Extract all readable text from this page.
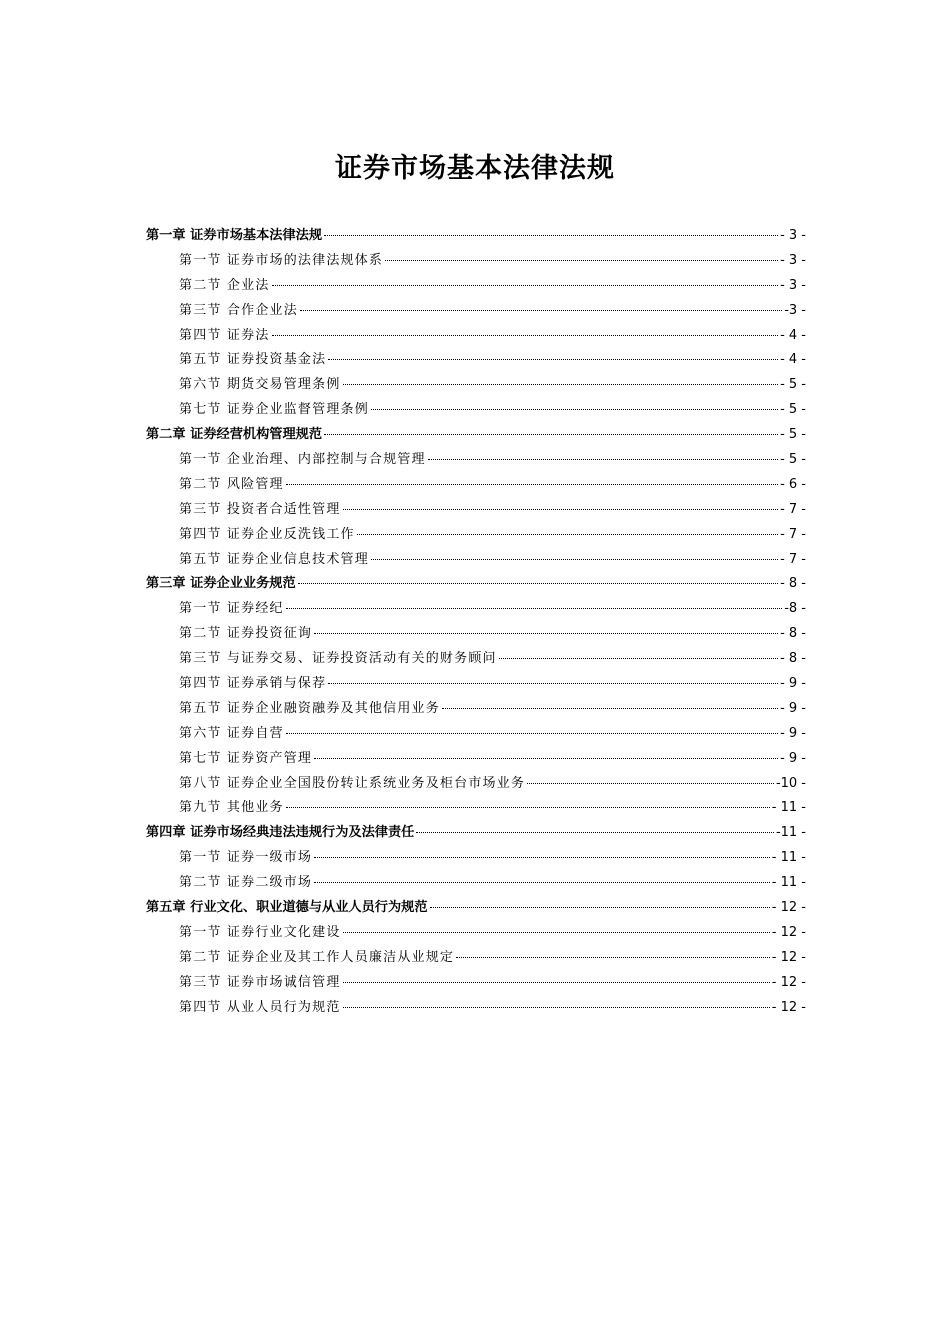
证券市场基本法律法规
第一章 证券市场基本法律法规	- 3 -
第一节 证券市场的法律法规体系	- 3 -
第二节 企业法	- 3 -
第三节 合作企业法	-3 -
第四节 证券法	- 4 -
第五节 证券投资基金法	- 4 -
第六节 期货交易管理条例	- 5 -
第七节 证券企业监督管理条例	- 5 -
第二章 证券经营机构管理规范	- 5 -
第一节 企业治理、内部控制与合规管理	- 5 -
第二节 风险管理	- 6 -
第三节 投资者合适性管理	- 7 -
第四节 证券企业反洗钱工作	- 7 -
第五节 证券企业信息技术管理	- 7 -
第三章 证券企业业务规范	- 8 -
第一节 证券经纪	-8 -
第二节 证券投资征询	- 8 -
第三节 与证券交易、证券投资活动有关的财务顾问	- 8 -
第四节 证券承销与保荐	- 9 -
第五节 证券企业融资融券及其他信用业务	- 9 -
第六节 证券自营	- 9 -
第七节 证券资产管理	- 9 -
第八节 证券企业全国股份转让系统业务及柜台市场业务	-10 -
第九节 其他业务	- 11 -
第四章 证券市场经典违法违规行为及法律责任	-11 -
第一节 证券一级市场	- 11 -
第二节 证券二级市场	- 11 -
第五章 行业文化、职业道德与从业人员行为规范	- 12 -
第一节 证券行业文化建设	- 12 -
第二节 证券企业及其工作人员廉洁从业规定	- 12 -
第三节 证券市场诚信管理	- 12 -
第四节 从业人员行为规范	- 12 -
